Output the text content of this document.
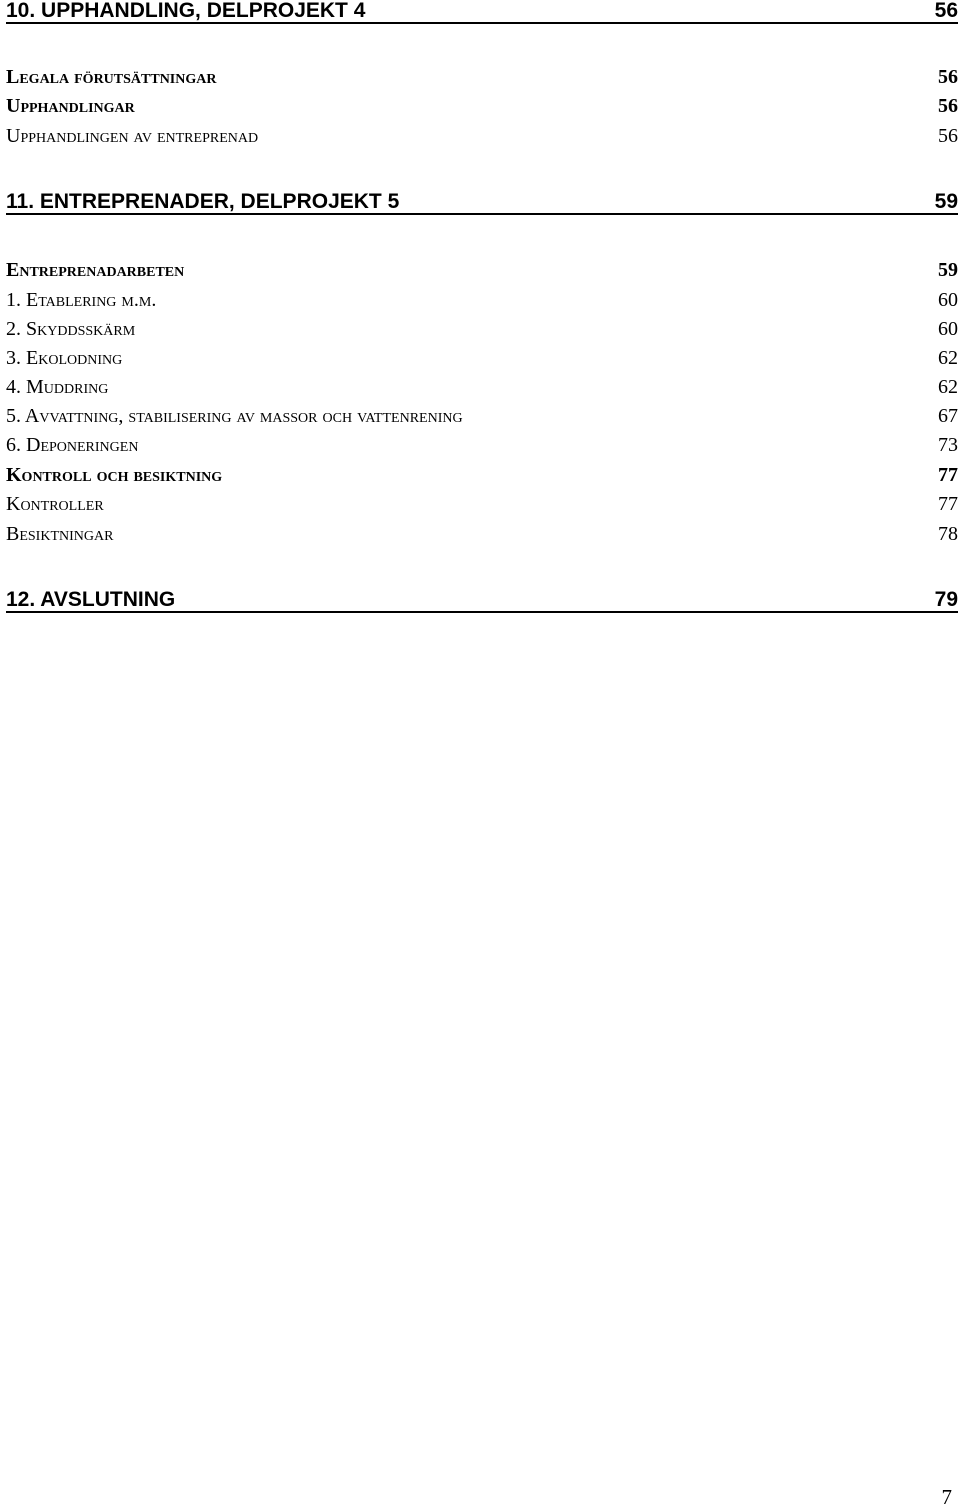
10. UPPHANDLING, DELPROJEKT 4	56
Legala förutsättningar	56
Upphandlingar	56
Upphandlingen av entreprenad	56
11. ENTREPRENADER, DELPROJEKT 5	59
Entreprenadarbeten	59
1. Etablering m.m.	60
2. Skyddsskärm	60
3. Ekolodning	62
4. Muddring	62
5. Avvattning, stabilisering av massor och vattenrening	67
6. Deponeringen	73
Kontroll och besiktning	77
Kontroller	77
Besiktningar	78
12. AVSLUTNING	79
7
